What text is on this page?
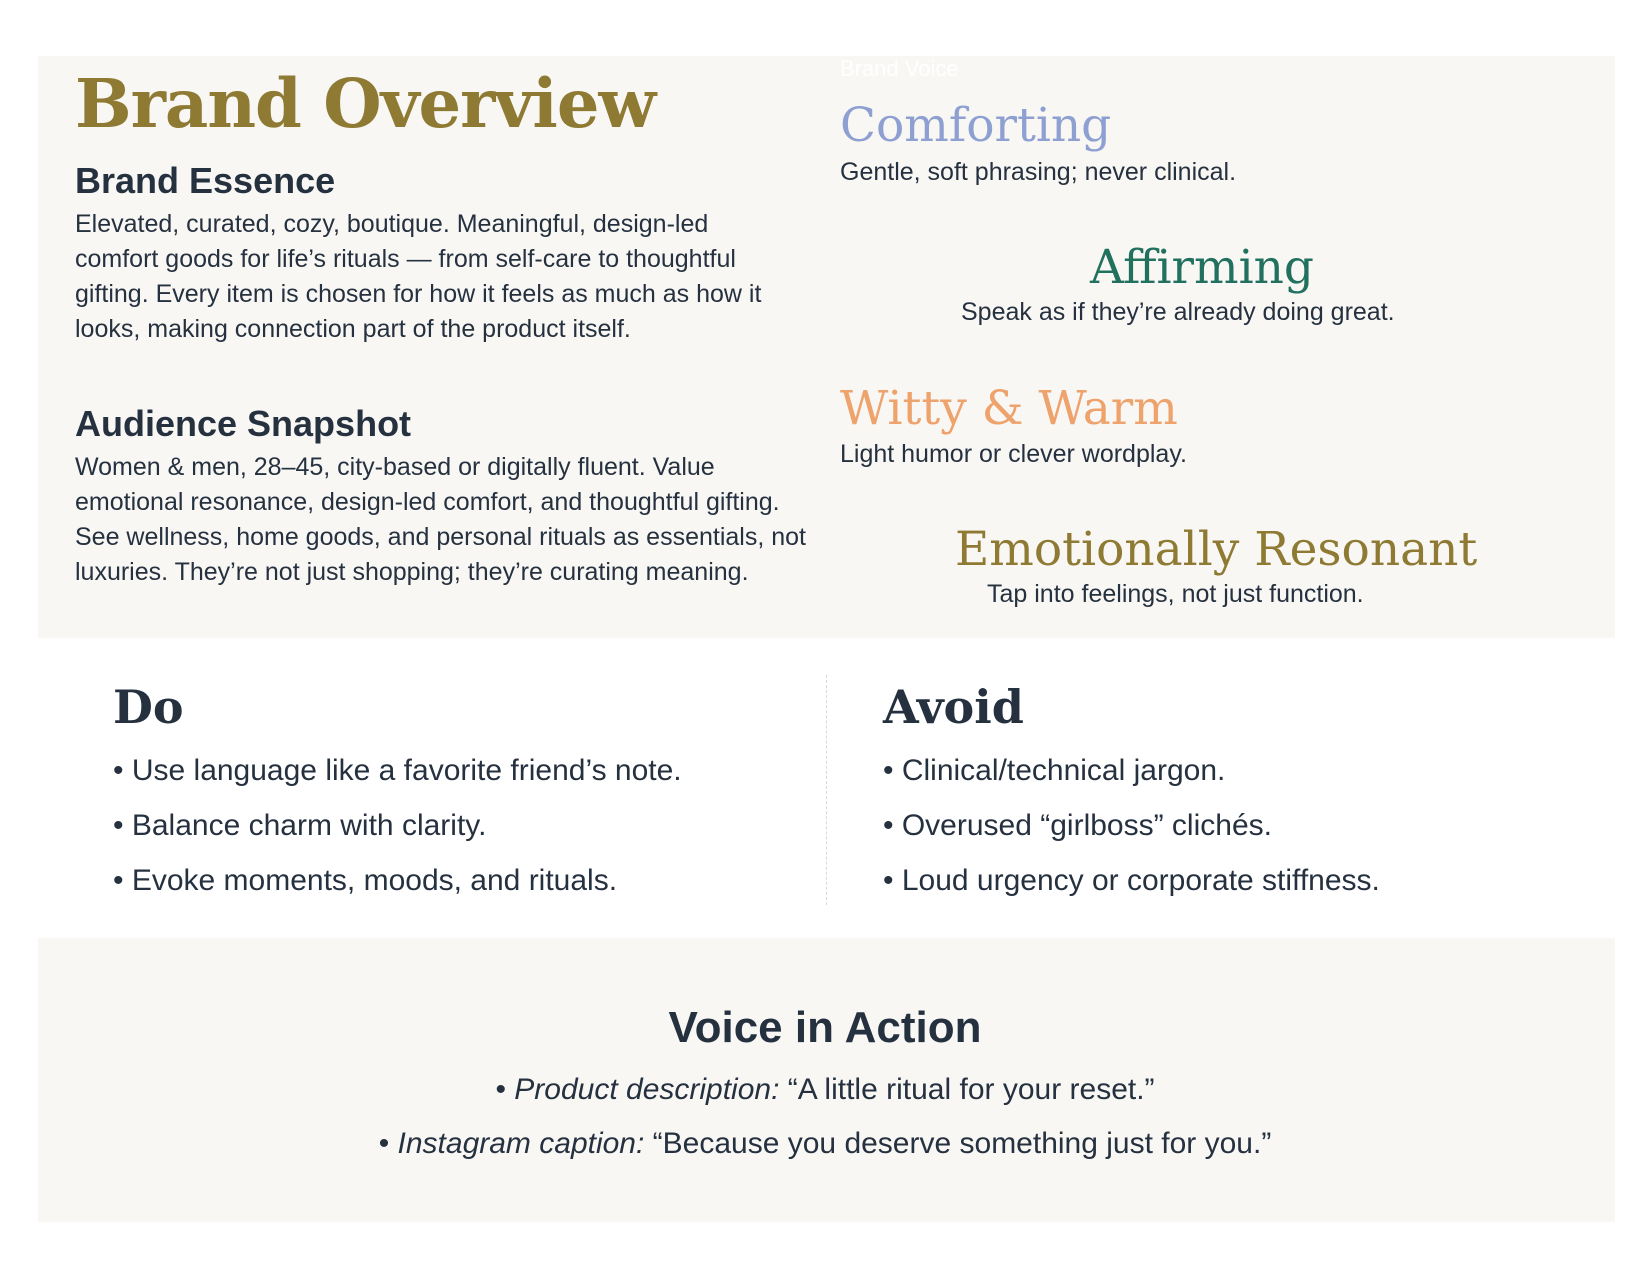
Brand Overview
Brand Essence
Elevated, curated, cozy, boutique. Meaningful, design-led comfort goods for life’s rituals — from self-care to thoughtful gifting. Every item is chosen for how it feels as much as how it looks, making connection part of the product itself.
Audience Snapshot
Women & men, 28–45, city-based or digitally fluent. Value emotional resonance, design-led comfort, and thoughtful gifting. See wellness, home goods, and personal rituals as essentials, not luxuries. They’re not just shopping; they’re curating meaning.
Brand Voice
Comforting
Gentle, soft phrasing; never clinical.
Affirming
Speak as if they’re already doing great.
Witty & Warm
Light humor or clever wordplay.
Emotionally Resonant
Tap into feelings, not just function.
Do
• Use language like a favorite friend’s note.
• Balance charm with clarity.
• Evoke moments, moods, and rituals.
Avoid
• Clinical/technical jargon.
• Overused “girlboss” clichés.
• Loud urgency or corporate stiffness.
Voice in Action
• Product description: “A little ritual for your reset.”
• Instagram caption: “Because you deserve something just for you.”
